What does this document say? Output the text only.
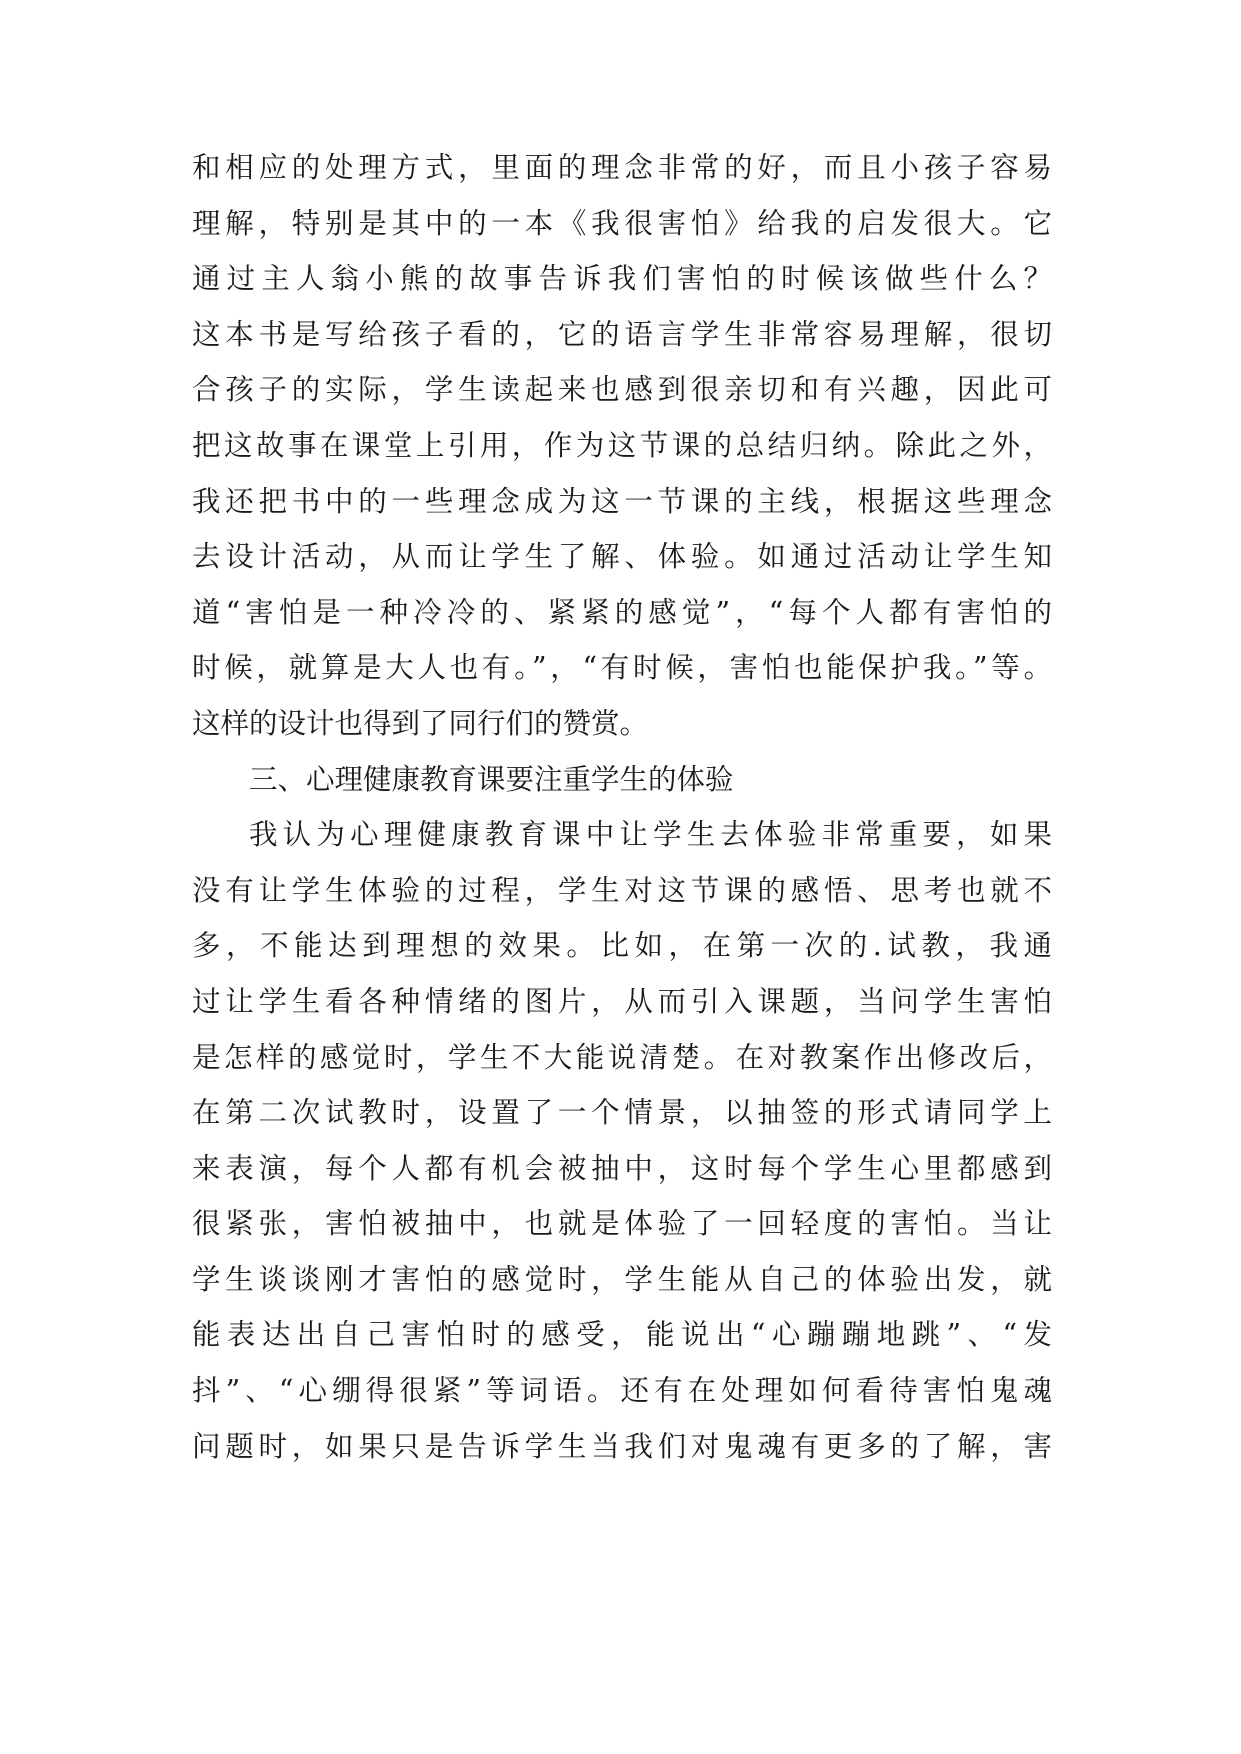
和相应的处理方式，里面的理念非常的好，而且小孩子容易
理解，特别是其中的一本《我很害怕》给我的启发很大。它
通过主人翁小熊的故事告诉我们害怕的时候该做些什么？
这本书是写给孩子看的，它的语言学生非常容易理解，很切
合孩子的实际，学生读起来也感到很亲切和有兴趣，因此可
把这故事在课堂上引用，作为这节课的总结归纳。除此之外，
我还把书中的一些理念成为这一节课的主线，根据这些理念
去设计活动，从而让学生了解、体验。如通过活动让学生知
道“害怕是一种冷冷的、紧紧的感觉”，“每个人都有害怕的
时候，就算是大人也有。”，“有时候，害怕也能保护我。”等。
这样的设计也得到了同行们的赞赏。
三、心理健康教育课要注重学生的体验
我认为心理健康教育课中让学生去体验非常重要，如果
没有让学生体验的过程，学生对这节课的感悟、思考也就不
多，不能达到理想的效果。比如，在第一次的.试教，我通
过让学生看各种情绪的图片，从而引入课题，当问学生害怕
是怎样的感觉时，学生不大能说清楚。在对教案作出修改后，
在第二次试教时，设置了一个情景，以抽签的形式请同学上
来表演，每个人都有机会被抽中，这时每个学生心里都感到
很紧张，害怕被抽中，也就是体验了一回轻度的害怕。当让
学生谈谈刚才害怕的感觉时，学生能从自己的体验出发，就
能表达出自己害怕时的感受，能说出“心蹦蹦地跳”、“发
抖”、“心绷得很紧”等词语。还有在处理如何看待害怕鬼魂
问题时，如果只是告诉学生当我们对鬼魂有更多的了解，害
